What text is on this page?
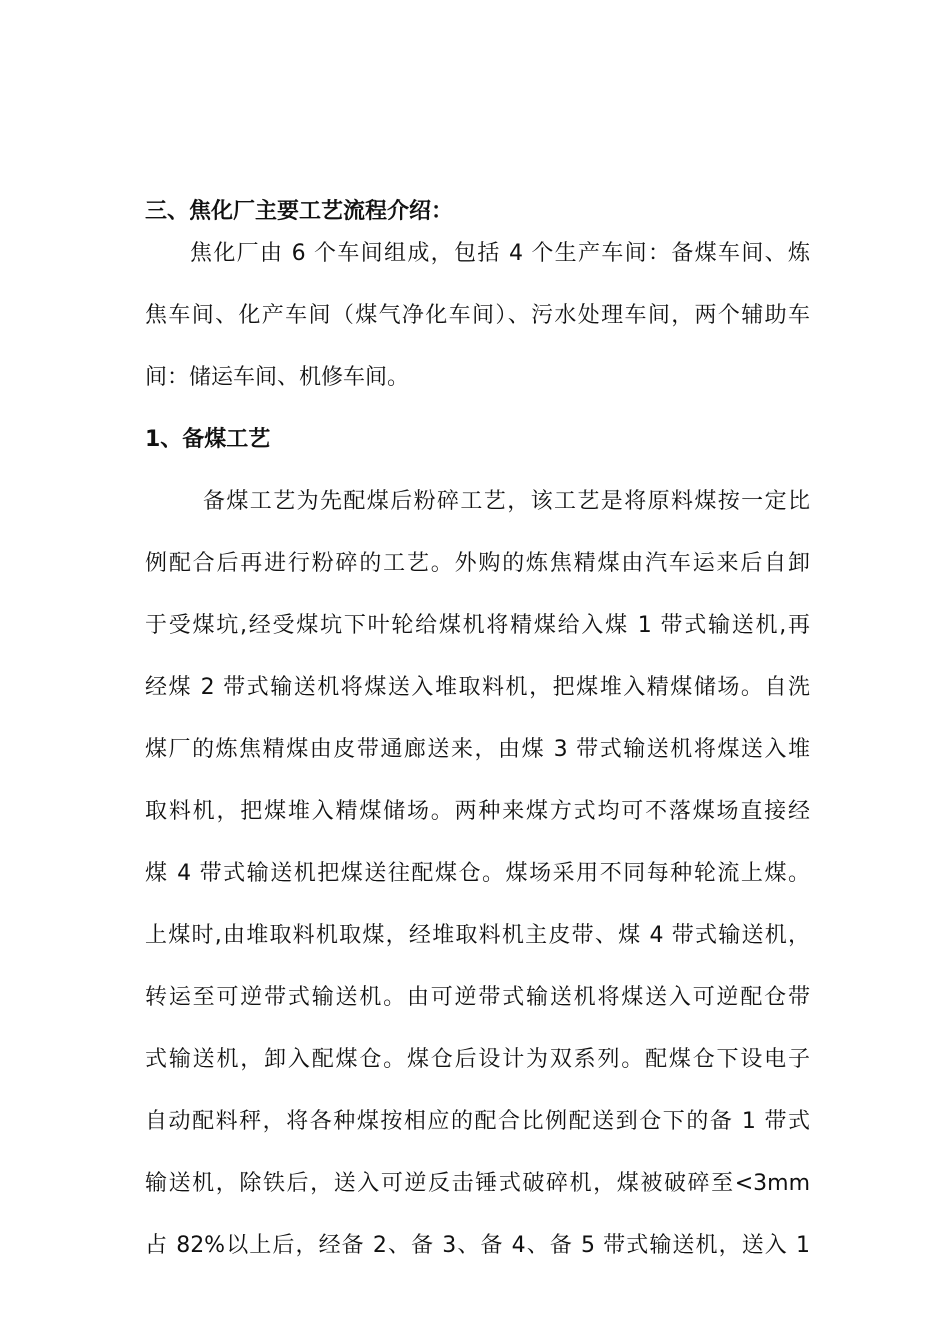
三、焦化厂主要工艺流程介绍：
焦化厂由 6 个车间组成，包括 4 个生产车间：备煤车间、炼
焦车间、化产车间（煤气净化车间）、污水处理车间，两个辅助车
间：储运车间、机修车间。
1、备煤工艺
备煤工艺为先配煤后粉碎工艺，该工艺是将原料煤按一定比
例配合后再进行粉碎的工艺。外购的炼焦精煤由汽车运来后自卸
于受煤坑,经受煤坑下叶轮给煤机将精煤给入煤 1 带式输送机,再
经煤 2 带式输送机将煤送入堆取料机，把煤堆入精煤储场。自洗
煤厂的炼焦精煤由皮带通廊送来，由煤 3 带式输送机将煤送入堆
取料机，把煤堆入精煤储场。两种来煤方式均可不落煤场直接经
煤 4 带式输送机把煤送往配煤仓。煤场采用不同每种轮流上煤。
上煤时,由堆取料机取煤，经堆取料机主皮带、煤 4 带式输送机，
转运至可逆带式输送机。由可逆带式输送机将煤送入可逆配仓带
式输送机，卸入配煤仓。煤仓后设计为双系列。配煤仓下设电子
自动配料秤，将各种煤按相应的配合比例配送到仓下的备 1 带式
输送机，除铁后，送入可逆反击锤式破碎机，煤被破碎至<3mm
占 82%以上后，经备 2、备 3、备 4、备 5 带式输送机，送入 1
